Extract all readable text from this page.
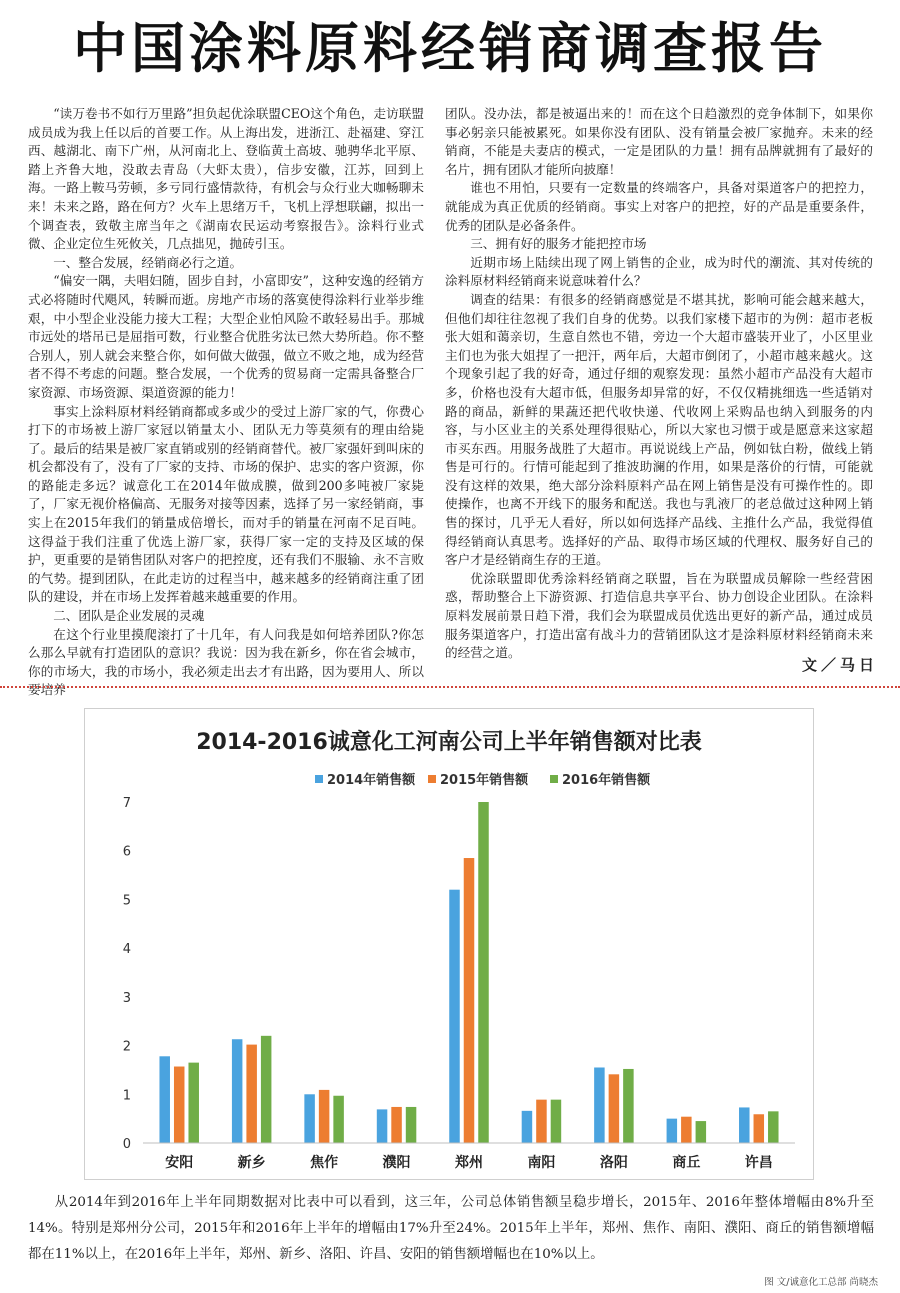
中国涂料原料经销商调查报告

“读万卷书不如行万里路”担负起优涂联盟CEO这个角色，走访联盟成员成为我上任以后的首要工作。从上海出发，进浙江、赴福建、穿江西、越湖北、南下广州，从河南北上、登临黄土高坡、驰骋华北平原、踏上齐鲁大地，没敢去青岛（大虾太贵），信步安徽，江苏，回到上海。一路上鞍马劳顿，多亏同行盛情款待，有机会与众行业大咖畅聊未来！未来之路，路在何方？火车上思绪万千，飞机上浮想联翩，拟出一个调查表，致敬主席当年之《湖南农民运动考察报告》。涂料行业式微、企业定位生死攸关，几点拙见，抛砖引玉。

一、整合发展，经销商必行之道。

“偏安一隅，夫唱妇随，固步自封，小富即安”，这种安逸的经销方式必将随时代飓风，转瞬而逝。房地产市场的落寞使得涂料行业举步维艰，中小型企业没能力接大工程；大型企业怕风险不敢轻易出手。那城市远处的塔吊已是屈指可数，行业整合优胜劣汰已然大势所趋。你不整合别人，别人就会来整合你，如何做大做强，做立不败之地，成为经营者不得不考虑的问题。整合发展，一个优秀的贸易商一定需具备整合厂家资源、市场资源、渠道资源的能力！

事实上涂料原材料经销商都或多或少的受过上游厂家的气，你费心打下的市场被上游厂家冠以销量太小、团队无力等莫须有的理由给毙了。最后的结果是被厂家直销或别的经销商替代。被厂家强奸到叫床的机会都没有了，没有了厂家的支持、市场的保护、忠实的客户资源，你的路能走多远？诚意化工在2014年做成膜，做到200多吨被厂家毙了，厂家无视价格偏高、无服务对接等因素，选择了另一家经销商，事实上在2015年我们的销量成倍增长，而对手的销量在河南不足百吨。这得益于我们注重了优选上游厂家，获得厂家一定的支持及区域的保护，更重要的是销售团队对客户的把控度，还有我们不服输、永不言败的气势。提到团队，在此走访的过程当中，越来越多的经销商注重了团队的建设，并在市场上发挥着越来越重要的作用。

二、团队是企业发展的灵魂

在这个行业里摸爬滚打了十几年，有人问我是如何培养团队?你怎么那么早就有打造团队的意识？我说：因为我在新乡，你在省会城市，你的市场大，我的市场小，我必须走出去才有出路，因为要用人、所以要培养

团队。没办法，都是被逼出来的！而在这个日趋激烈的竞争体制下，如果你事必躬亲只能被累死。如果你没有团队、没有销量会被厂家抛弃。未来的经销商，不能是夫妻店的模式，一定是团队的力量！拥有品牌就拥有了最好的名片，拥有团队才能所向披靡！

谁也不用怕，只要有一定数量的终端客户，具备对渠道客户的把控力，就能成为真正优质的经销商。事实上对客户的把控，好的产品是重要条件，优秀的团队是必备条件。

三、拥有好的服务才能把控市场

近期市场上陆续出现了网上销售的企业，成为时代的潮流、其对传统的涂料原材料经销商来说意味着什么？

调查的结果：有很多的经销商感觉是不堪其扰，影响可能会越来越大，但他们却往往忽视了我们自身的优势。以我们家楼下超市的为例：超市老板张大姐和蔼亲切，生意自然也不错，旁边一个大超市盛装开业了，小区里业主们也为张大姐捏了一把汗，两年后，大超市倒闭了，小超市越来越火。这个现象引起了我的好奇，通过仔细的观察发现：虽然小超市产品没有大超市多，价格也没有大超市低，但服务却异常的好，不仅仅精挑细选一些适销对路的商品，新鲜的果蔬还把代收快递、代收网上采购品也纳入到服务的内容，与小区业主的关系处理得很贴心，所以大家也习惯于或是愿意来这家超市买东西。用服务战胜了大超市。再说说线上产品，例如钛白粉，做线上销售是可行的。行情可能起到了推波助澜的作用，如果是落价的行情，可能就没有这样的效果，绝大部分涂料原料产品在网上销售是没有可操作性的。即使操作，也离不开线下的服务和配送。我也与乳液厂的老总做过这种网上销售的探讨，几乎无人看好，所以如何选择产品线、主推什么产品，我觉得值得经销商认真思考。选择好的产品、取得市场区域的代理权、服务好自己的客户才是经销商生存的王道。

优涂联盟即优秀涂料经销商之联盟，旨在为联盟成员解除一些经营困惑，帮助整合上下游资源、打造信息共享平台、协力创设企业团队。在涂料原料发展前景日趋下滑，我们会为联盟成员优选出更好的新产品，通过成员服务渠道客户，打造出富有战斗力的营销团队这才是涂料原材料经销商未来的经营之道。

文／马日
2014-2016诚意化工河南公司上半年销售额对比表
2014年销售额 2015年销售额	2016年销售额
0
1
2
3
4
5
6
7
安阳	新乡	焦作	濮阳	郑州	南阳	洛阳	商丘	许昌

从2014年到2016年上半年同期数据对比表中可以看到，这三年，公司总体销售额呈稳步增长，2015年、2016年整体增幅由8%升至14%。特别是郑州分公司，2015年和2016年上半年的增幅由17%升至24%。2015年上半年，郑州、焦作、南阳、濮阳、商丘的销售额增幅都在11%以上，在2016年上半年，郑州、新乡、洛阳、许昌、安阳的销售额增幅也在10%以上。

图 文/诚意化工总部 尚晓杰
